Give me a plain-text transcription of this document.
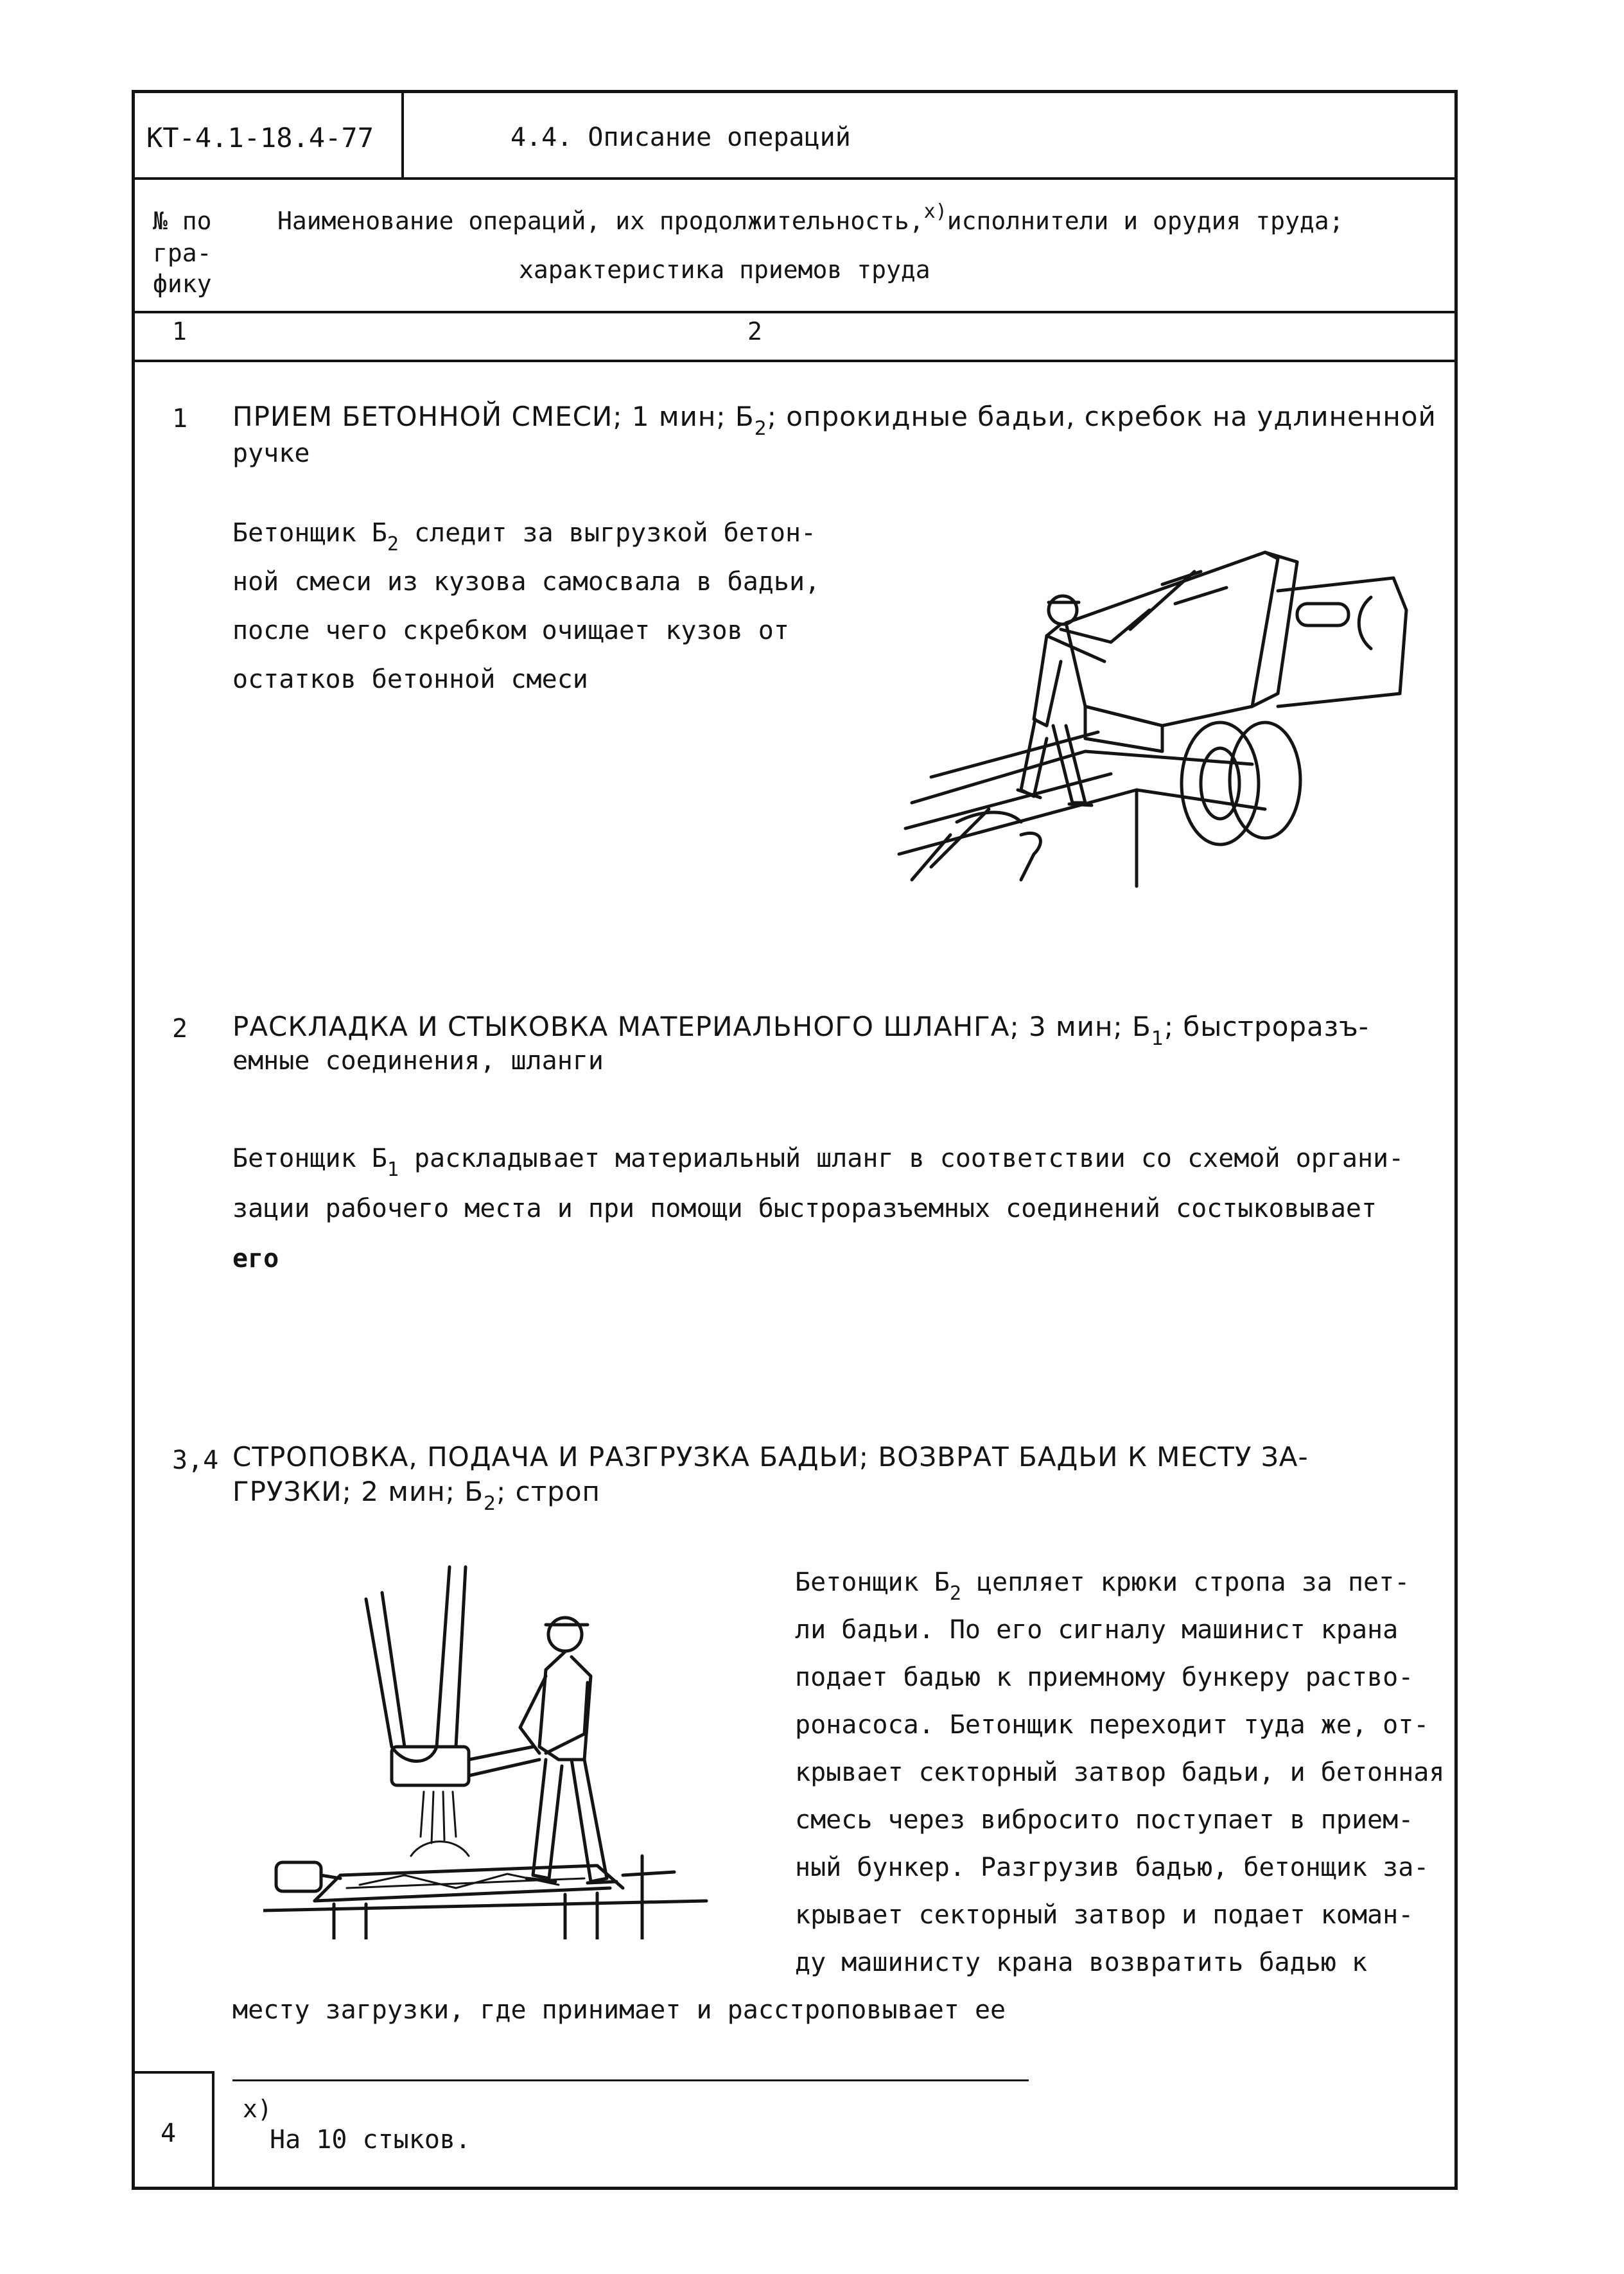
КТ-4.1-18.4-77	4.4. Описание операций
№ по
гра-
фику
Наименование операций, их продолжительность,$^{x)}$исполнители и орудия труда;
характеристика приемов труда
1	2
1 ПРИЕМ БЕТОННОЙ СМЕСИ; 1 мин; $Б_2$; опрокидные бадьи, скребок на удлиненной
ручке
Бетонщик $Б_2$ следит за выгрузкой бетон-
ной смеси из кузова самосвала в бадьи,
после чего скребком очищает кузов от
остатков бетонной смеси
2 РАСКЛАДКА И СТЫКОВКА МАТЕРИАЛЬНОГО ШЛАНГА; 3 мин; $Б_1$; быстроразъ-
емные соединения, шланги
Бетонщик $Б_1$ раскладывает материальный шланг в соответствии со схемой органи-
зации рабочего места и при помощи быстроразъемных соединений состыковывает
его
3,4 СТРОПОВКА, ПОДАЧА И РАЗГРУЗКА БАДЬИ; ВОЗВРАТ БАДЬИ К МЕСТУ ЗА-
ГРУЗКИ; 2 мин; $Б_2$; строп
Бетонщик $Б_2$ цепляет крюки стропа за пет-
ли бадьи. По его сигналу машинист крана
подает бадью к приемному бункеру раство-
ронасоса. Бетонщик переходит туда же, от-
крывает секторный затвор бадьи, и бетонная
смесь через вибросито поступает в прием-
ный бункер. Разгрузив бадью, бетонщик за-
крывает секторный затвор и подает коман-
ду машинисту крана возвратить бадью к
месту загрузки, где принимает и расстроповывает ее
x)
На 10 стыков.
4
